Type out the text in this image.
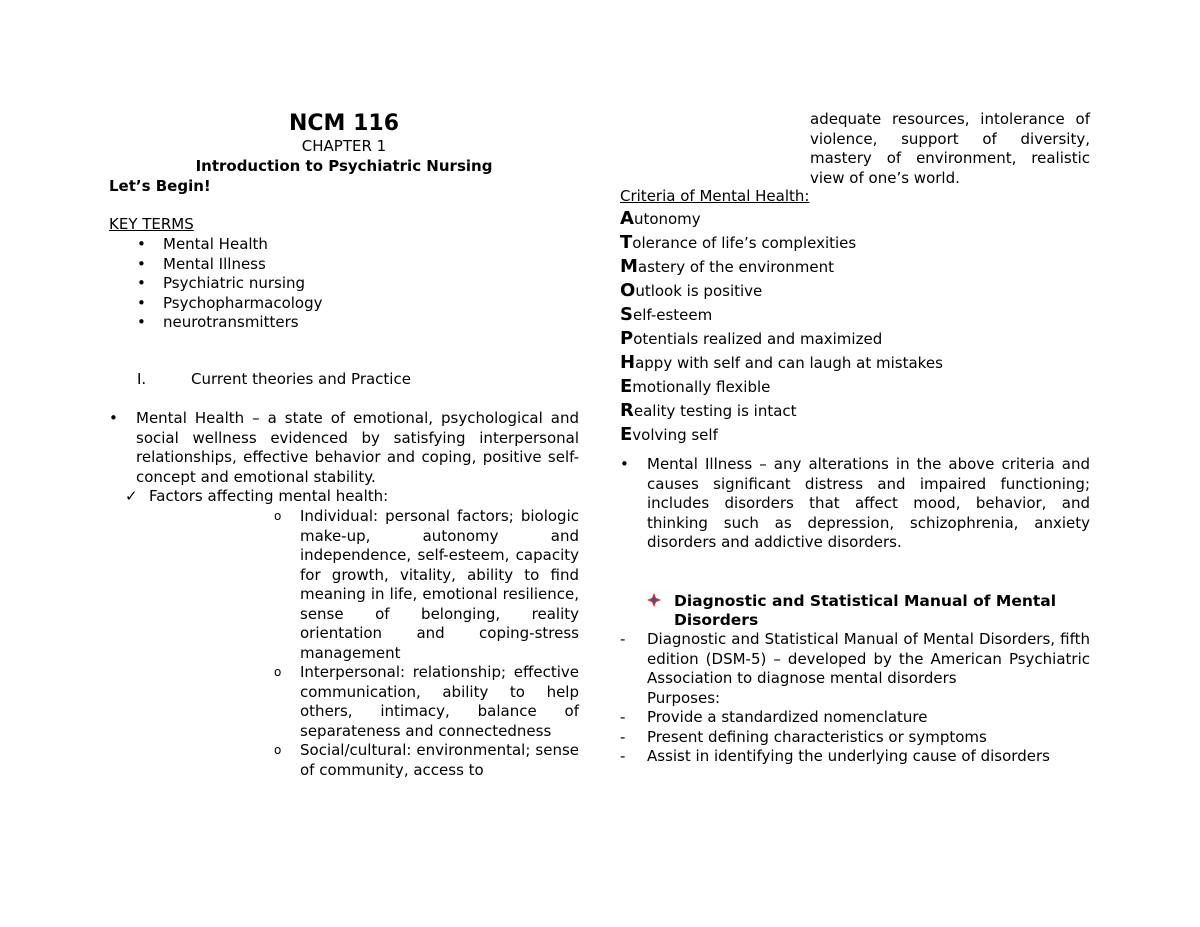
NCM 116
CHAPTER 1
Introduction to Psychiatric Nursing
Let’s Begin!
KEY TERMS
• Mental Health
• Mental Illness
• Psychiatric nursing
• Psychopharmacology
• neurotransmitters
I.	Current theories and Practice
• Mental Health – a state of emotional, psychological and social wellness evidenced by satisfying interpersonal relationships, effective behavior and coping, positive self-concept and emotional stability.
✓ Factors affecting mental health:
o Individual: personal factors; biologic make-up, autonomy and independence, self-esteem, capacity for growth, vitality, ability to find meaning in life, emotional resilience, sense of belonging, reality orientation and coping-stress management
o Interpersonal: relationship; effective communication, ability to help others, intimacy, balance of separateness and connectedness
o Social/cultural: environmental; sense of community, access to
adequate resources, intolerance of violence, support of diversity, mastery of environment, realistic view of one’s world.
Criteria of Mental Health:
Autonomy
Tolerance of life’s complexities
Mastery of the environment
Outlook is positive
Self-esteem
Potentials realized and maximized
Happy with self and can laugh at mistakes
Emotionally flexible
Reality testing is intact
Evolving self
• Mental Illness – any alterations in the above criteria and causes significant distress and impaired functioning; includes disorders that affect mood, behavior, and thinking such as depression, schizophrenia, anxiety disorders and addictive disorders.
Diagnostic and Statistical Manual of Mental Disorders
- Diagnostic and Statistical Manual of Mental Disorders, fifth edition (DSM-5) – developed by the American Psychiatric Association to diagnose mental disorders
Purposes:
- Provide a standardized nomenclature
- Present defining characteristics or symptoms
- Assist in identifying the underlying cause of disorders
